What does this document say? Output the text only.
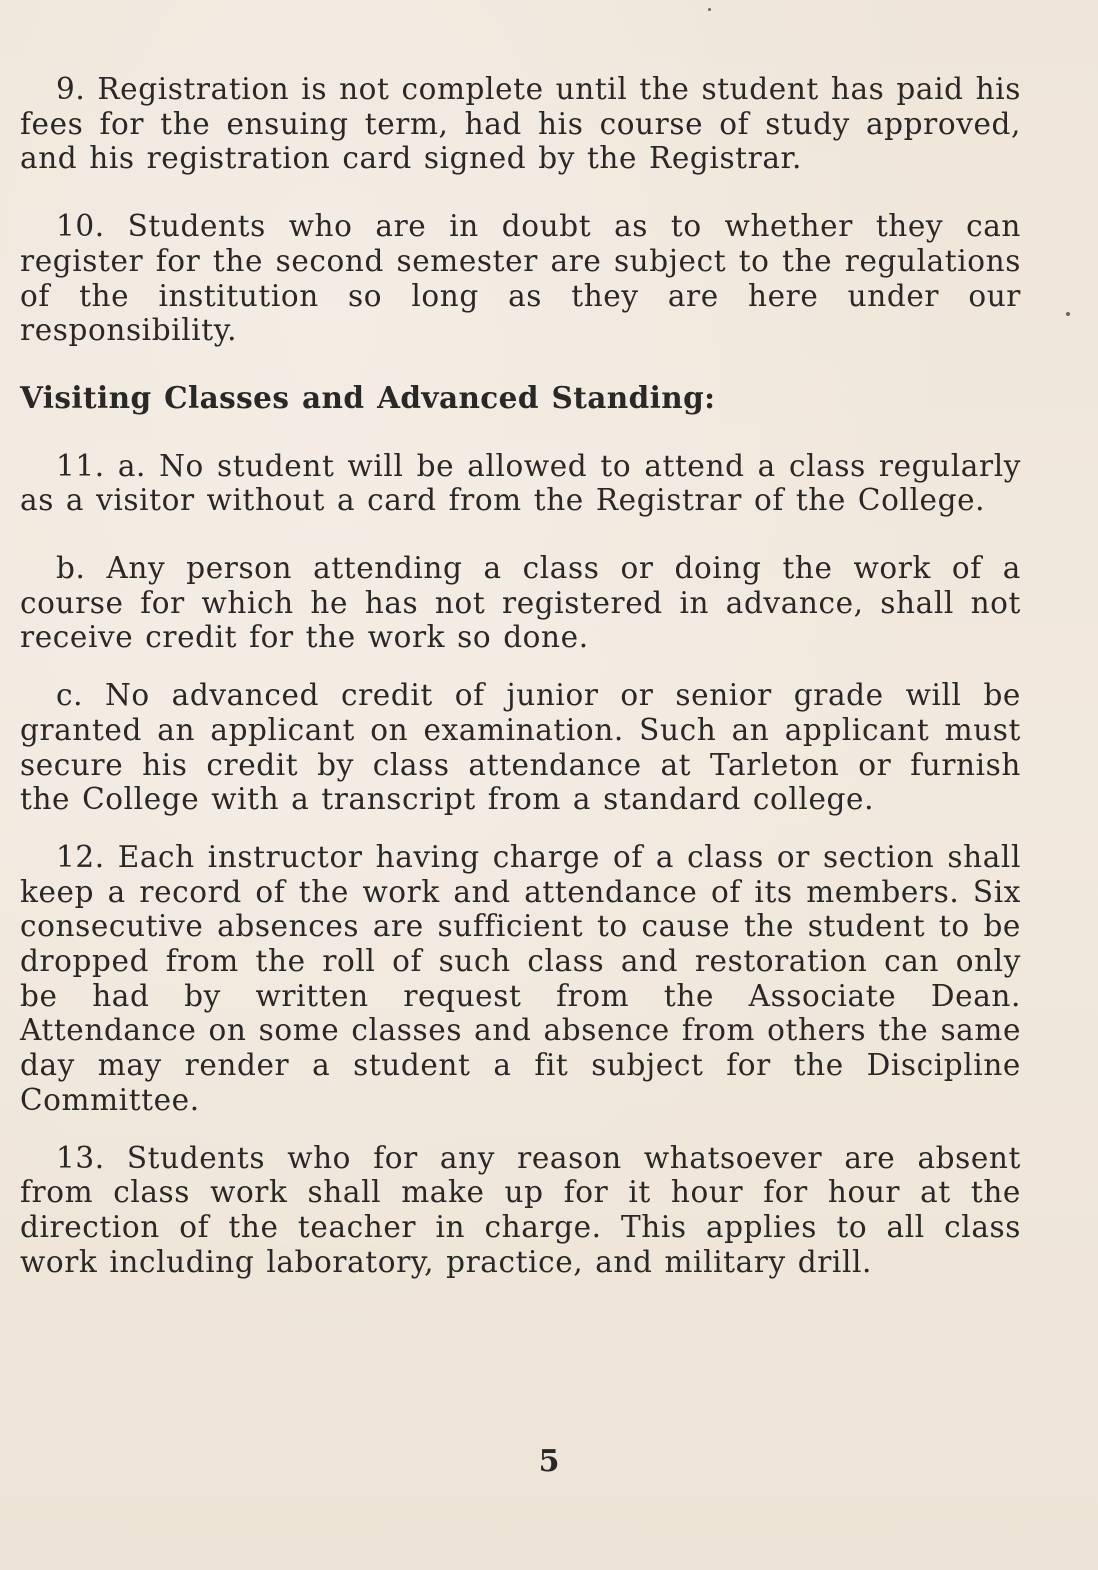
9. Registration is not complete until the student has paid his fees for the ensuing term, had his course of study approved, and his registration card signed by the Registrar.

10. Students who are in doubt as to whether they can register for the second semester are subject to the regulations of the institution so long as they are here under our responsibility.

Visiting Classes and Advanced Standing:

11. a. No student will be allowed to attend a class regularly as a visitor without a card from the Registrar of the College.

b. Any person attending a class or doing the work of a course for which he has not registered in advance, shall not receive credit for the work so done.

c. No advanced credit of junior or senior grade will be granted an applicant on examination. Such an applicant must secure his credit by class attendance at Tarleton or furnish the College with a transcript from a standard college.

12. Each instructor having charge of a class or section shall keep a record of the work and attendance of its members. Six consecutive absences are sufficient to cause the student to be dropped from the roll of such class and restoration can only be had by written request from the Associate Dean. Attendance on some classes and absence from others the same day may render a student a fit subject for the Discipline Committee.

13. Students who for any reason whatsoever are absent from class work shall make up for it hour for hour at the direction of the teacher in charge. This applies to all class work including laboratory, practice, and military drill.

5
